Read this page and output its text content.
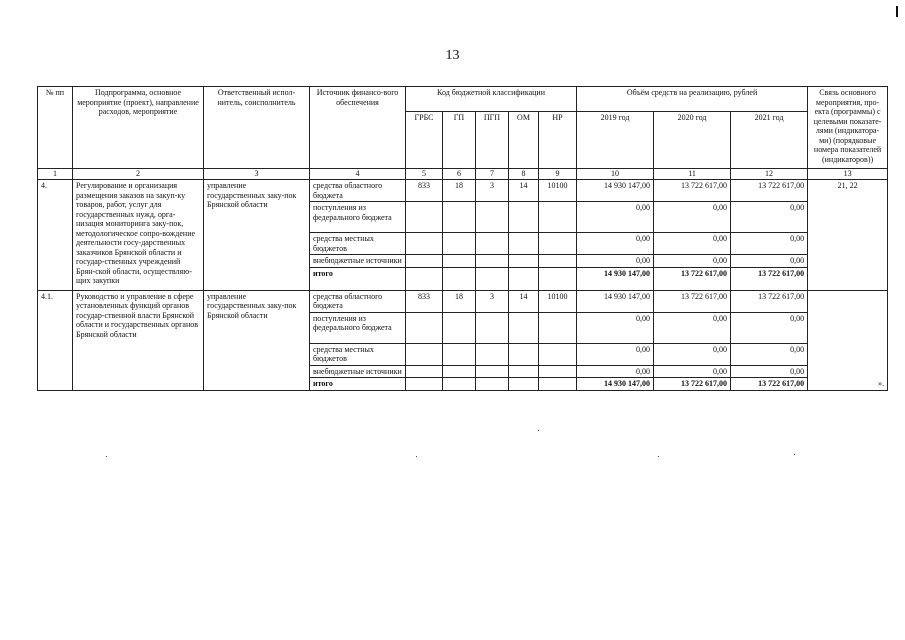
13
№ пп	Подпрограмма, основное мероприятие (проект), направление расходов, мероприятие	Ответственный испол-нитель, соисполнитель	Источник финансо-вого обеспечения	Код бюджетной классификации					Объём средств на реализацию, рублей			Связь основного мероприятия, про-екта (программы) с целевыми показате-лями (индикатора-ми) (порядковые номера показателей (индикаторов))
				ГРБС	ГП	ПГП	ОМ	НР	2019 год	2020 год	2021 год	
1	2	3	4	5	6	7	8	9	10	11	12	13
4.	Регулирование и организация размещения заказов на закуп-ку товаров, работ, услуг для государственных нужд, орга-низация мониторинга заку-пок, методологическое сопро-вождение деятельности госу-дарственных заказчиков Брянской области и государ-ственных учреждений Брян-ской области, осуществляю-щих закупки	управление государственных заку-пок Брянской области	средства областного бюджета	833	18	3	14	10100	14 930 147,00	13 722 617,00	13 722 617,00	21, 22
			поступления из федерального бюджета						0,00	0,00	0,00	
			средства местных бюджетов						0,00	0,00	0,00	
			внебюджетные источники						0,00	0,00	0,00	
			итого						14 930 147,00	13 722 617,00	13 722 617,00	
4.1.	Руководство и управление в сфере установленных функций органов государ-ственной власти Брянской области и государственных органов Брянской области	управление государственных заку-пок Брянской области	средства областного бюджета	833	18	3	14	10100	14 930 147,00	13 722 617,00	13 722 617,00	».
			поступления из федерального бюджета						0,00	0,00	0,00	
			средства местных бюджетов						0,00	0,00	0,00	
			внебюджетные источники						0,00	0,00	0,00	
			итого						14 930 147,00	13 722 617,00	13 722 617,00	
